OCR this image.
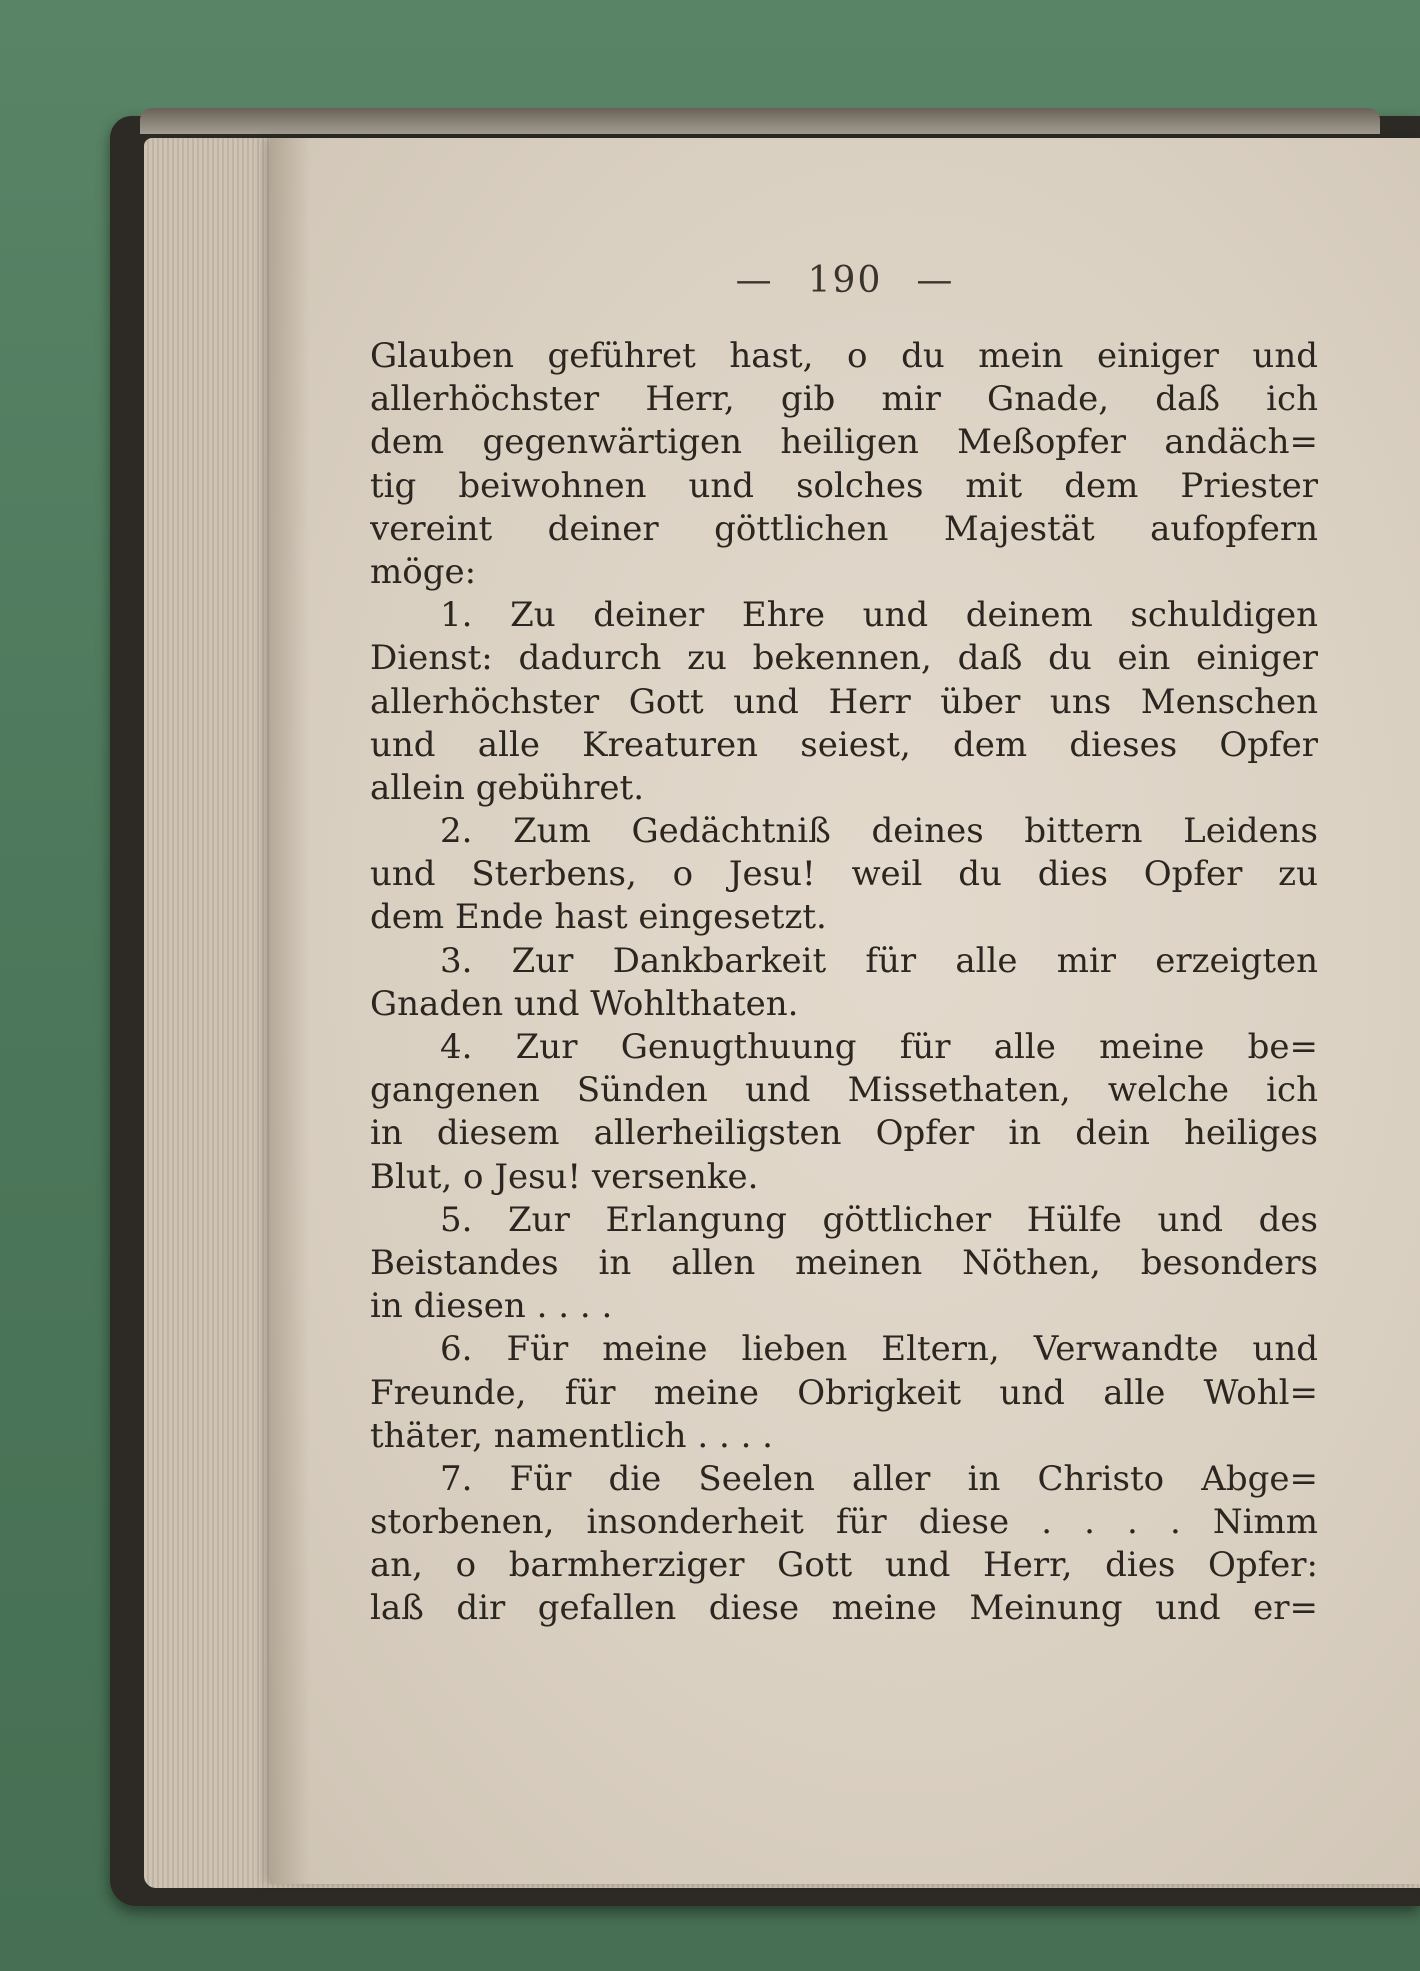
— 190 —
Glauben geführet hast, o du mein einiger und
allerhöchster Herr, gib mir Gnade, daß ich
dem gegenwärtigen heiligen Meßopfer andäch=
tig beiwohnen und solches mit dem Priester
vereint deiner göttlichen Majestät aufopfern
möge:
1. Zu deiner Ehre und deinem schuldigen
Dienst: dadurch zu bekennen, daß du ein einiger
allerhöchster Gott und Herr über uns Menschen
und alle Kreaturen seiest, dem dieses Opfer
allein gebühret.
2. Zum Gedächtniß deines bittern Leidens
und Sterbens, o Jesu! weil du dies Opfer zu
dem Ende hast eingesetzt.
3. Zur Dankbarkeit für alle mir erzeigten
Gnaden und Wohlthaten.
4. Zur Genugthuung für alle meine be=
gangenen Sünden und Missethaten, welche ich
in diesem allerheiligsten Opfer in dein heiliges
Blut, o Jesu! versenke.
5. Zur Erlangung göttlicher Hülfe und des
Beistandes in allen meinen Nöthen, besonders
in diesen . . . .
6. Für meine lieben Eltern, Verwandte und
Freunde, für meine Obrigkeit und alle Wohl=
thäter, namentlich . . . .
7. Für die Seelen aller in Christo Abge=
storbenen, insonderheit für diese . . . . Nimm
an, o barmherziger Gott und Herr, dies Opfer:
laß dir gefallen diese meine Meinung und er=
